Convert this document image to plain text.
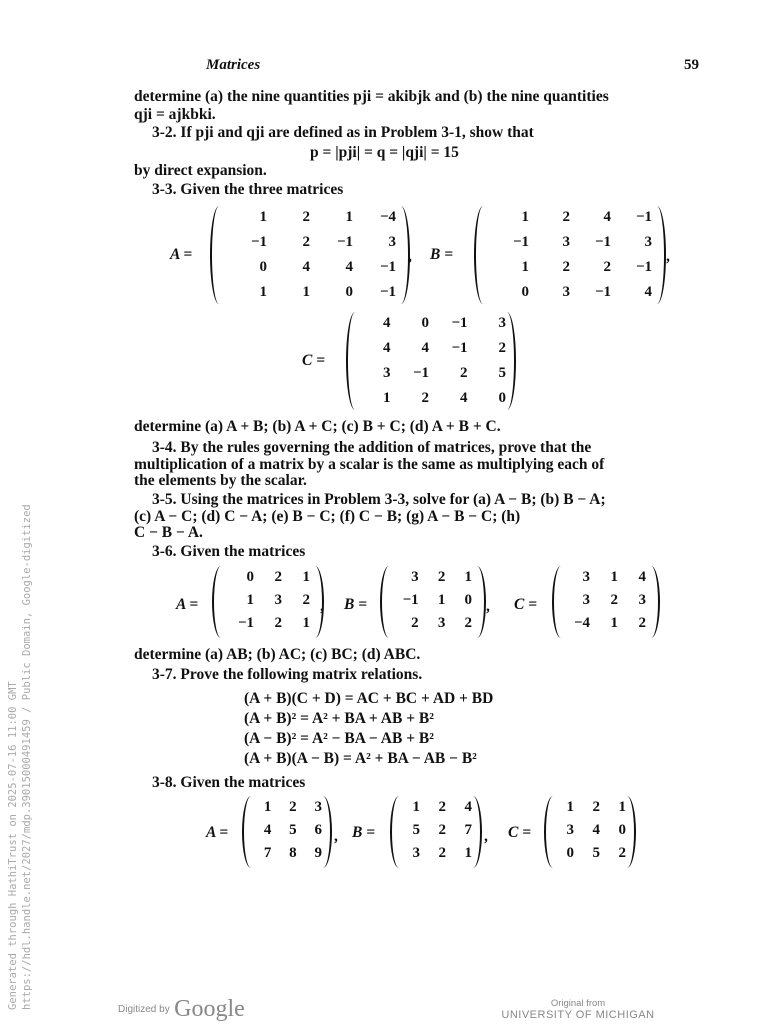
Matrices	59
determine (a) the nine quantities pji = akibjk and (b) the nine quantities
qji = ajkbki.
3-2. If pji and qji are defined as in Problem 3-1, show that
p = |pji| = q = |qji| = 15
by direct expansion.
3-3. Given the three matrices
A =
1	2	1	−4
−1	2	−1	3
0	4	4	−1
1	1	0	−1
, B =
1	2	4	−1
−1	3	−1	3
1	2	2	−1
0	3	−1	4
,
C =
4	0	−1	3
4	4	−1	2
3	−1	2	5
1	2	4	0
determine (a) A + B; (b) A + C; (c) B + C; (d) A + B + C.
3-4. By the rules governing the addition of matrices, prove that the
multiplication of a matrix by a scalar is the same as multiplying each of
the elements by the scalar.
3-5. Using the matrices in Problem 3-3, solve for (a) A − B; (b) B − A;
(c) A − C; (d) C − A; (e) B − C; (f) C − B; (g) A − B − C; (h)
C − B − A.
3-6. Given the matrices
A =
0	2	1
1	3	2
−1	2	1
, B =
3	2	1
−1	1	0
2	3	2
, C =
3	1	4
3	2	3
−4	1	2
determine (a) AB; (b) AC; (c) BC; (d) ABC.
3-7. Prove the following matrix relations.
(A + B)(C + D) = AC + BC + AD + BD
(A + B)² = A² + BA + AB + B²
(A − B)² = A² − BA − AB + B²
(A + B)(A − B) = A² + BA − AB − B²
3-8. Given the matrices
A =
1	2	3
4	5	6
7	8	9
, B =
1	2	4
5	2	7
3	2	1
, C =
1	2	1
3	4	0
0	5	2
Generated through HathiTrust on 2025-07-16 11:00 GMT https://hdl.handle.net/2027/mdp.39015000491459 / Public Domain, Google-digitized	Digitized by Google	Original from
UNIVERSITY OF MICHIGAN
